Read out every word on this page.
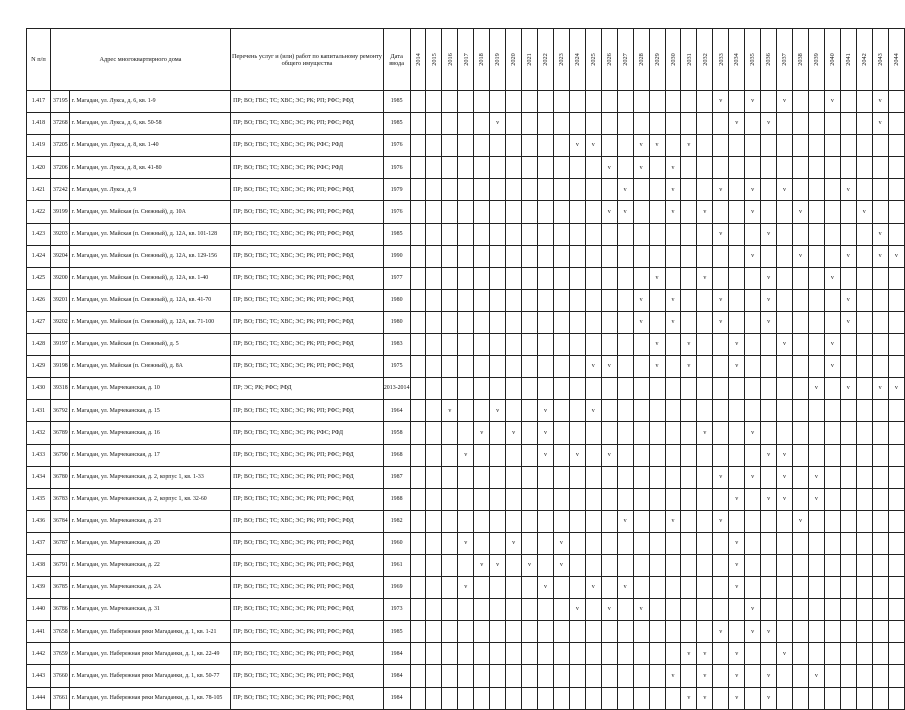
N п/п	Адрес многоквартирного дома		Перечень услуг и (или) работ по капитальному ремонту общего имущества	Дата ввода	2014	2015	2016	2017	2018	2019	2020	2021	2022	2023	2024	2025	2026	2027	2028	2029	2030	2031	2032	2033	2034	2035	2036	2037	2038	2039	2040	2041	2042	2043	2044
1.417	37195	г. Магадан, ул. Лукса, д. 6, кв. 1-9	ПР; ВО; ГВС; ТС; ХВС; ЭС; РК; РП; РФС; РФД	1985																				v		v		v			v			v	
1.418	37268	г. Магадан, ул. Лукса, д. 6, кв. 50-58	ПР; ВО; ГВС; ТС; ХВС; ЭС; РК; РП; РФС; РФД	1985						v															v		v							v	
1.419	37205	г. Магадан, ул. Лукса, д. 8, кв. 1-40	ПР; ВО; ГВС; ТС; ХВС; ЭС; РК; РФС; РФД	1976											v	v			v	v		v													
1.420	37206	г. Магадан, ул. Лукса, д. 8, кв. 41-80	ПР; ВО; ГВС; ТС; ХВС; ЭС; РК; РФС; РФД	1976													v		v		v														
1.421	37242	г. Магадан, ул. Лукса, д. 9	ПР; ВО; ГВС; ТС; ХВС; ЭС; РК; РП; РФС; РФД	1979														v			v			v		v		v				v			
1.422	39199	г. Магадан, ул. Майская (п. Снежный), д. 10А	ПР; ВО; ГВС; ТС; ХВС; ЭС; РК; РП; РФС; РФД	1976													v	v			v		v			v			v				v		
1.423	39203	г. Магадан, ул. Майская (п. Снежный), д. 12А, кв. 101-128	ПР; ВО; ГВС; ТС; ХВС; ЭС; РК; РП; РФС; РФД	1985																				v			v							v	
1.424	39204	г. Магадан, ул. Майская (п. Снежный), д. 12А, кв. 129-156	ПР; ВО; ГВС; ТС; ХВС; ЭС; РК; РП; РФС; РФД	1990																						v			v			v		v	v
1.425	39200	г. Магадан, ул. Майская (п. Снежный), д. 12А, кв. 1-40	ПР; ВО; ГВС; ТС; ХВС; ЭС; РК; РП; РФС; РФД	1977																v			v				v				v				
1.426	39201	г. Магадан, ул. Майская (п. Снежный), д. 12А, кв. 41-70	ПР; ВО; ГВС; ТС; ХВС; ЭС; РК; РП; РФС; РФД	1980															v		v			v			v					v			
1.427	39202	г. Магадан, ул. Майская (п. Снежный), д. 12А, кв. 71-100	ПР; ВО; ГВС; ТС; ХВС; ЭС; РК; РП; РФС; РФД	1980															v		v			v			v					v			
1.428	39197	г. Магадан, ул. Майская (п. Снежный), д. 5	ПР; ВО; ГВС; ТС; ХВС; ЭС; РК; РП; РФС; РФД	1983																v		v			v			v			v				
1.429	39198	г. Магадан, ул. Майская (п. Снежный), д. 8А	ПР; ВО; ГВС; ТС; ХВС; ЭС; РК; РП; РФС; РФД	1975												v	v			v		v			v						v				
1.430	39318	г. Магадан, ул. Марчеканская, д. 10	ПР; ЭС; РК; РФС; РФД	2013-2014																										v		v		v	v
1.431	36792	г. Магадан, ул. Марчеканская, д. 15	ПР; ВО; ГВС; ТС; ХВС; ЭС; РК; РП; РФС; РФД	1964			v			v			v			v																			
1.432	36789	г. Магадан, ул. Марчеканская, д. 16	ПР; ВО; ГВС; ТС; ХВС; ЭС; РК; РФС; РФД	1958					v		v		v										v			v									
1.433	36790	г. Магадан, ул. Марчеканская, д. 17	ПР; ВО; ГВС; ТС; ХВС; ЭС; РК; РП; РФС; РФД	1968				v					v		v		v										v	v							
1.434	36780	г. Магадан, ул. Марчеканская, д. 2, корпус 1, кв. 1-33	ПР; ВО; ГВС; ТС; ХВС; ЭС; РК; РП; РФС; РФД	1987																				v		v		v		v					
1.435	36783	г. Магадан, ул. Марчеканская, д. 2, корпус 1, кв. 32-60	ПР; ВО; ГВС; ТС; ХВС; ЭС; РК; РП; РФС; РФД	1988																					v		v	v		v					
1.436	36784	г. Магадан, ул. Марчеканская, д. 2/1	ПР; ВО; ГВС; ТС; ХВС; ЭС; РК; РП; РФС; РФД	1982														v			v			v					v						
1.437	36787	г. Магадан, ул. Марчеканская, д. 20	ПР; ВО; ГВС; ТС; ХВС; ЭС; РК; РП; РФС; РФД	1960				v			v			v											v										
1.438	36791	г. Магадан, ул. Марчеканская, д. 22	ПР; ВО; ГВС; ТС; ХВС; ЭС; РК; РП; РФС; РФД	1961					v	v		v		v											v										
1.439	36785	г. Магадан, ул. Марчеканская, д. 2А	ПР; ВО; ГВС; ТС; ХВС; ЭС; РК; РП; РФС; РФД	1969				v					v			v		v							v										
1.440	36786	г. Магадан, ул. Марчеканская, д. 31	ПР; ВО; ГВС; ТС; ХВС; ЭС; РК; РП; РФС; РФД	1973											v		v		v							v									
1.441	37658	г. Магадан, ул. Набережная реки Магаданки, д. 1, кв. 1-21	ПР; ВО; ГВС; ТС; ХВС; ЭС; РК; РП; РФС; РФД	1985																				v		v	v								
1.442	37659	г. Магадан, ул. Набережная реки Магаданки, д. 1, кв. 22-49	ПР; ВО; ГВС; ТС; ХВС; ЭС; РК; РП; РФС; РФД	1984																		v	v		v			v							
1.443	37660	г. Магадан, ул. Набережная реки Магаданки, д. 1, кв. 50-77	ПР; ВО; ГВС; ТС; ХВС; ЭС; РК; РП; РФС; РФД	1984																	v		v		v		v			v					
1.444	37661	г. Магадан, ул. Набережная реки Магаданки, д. 1, кв. 78-105	ПР; ВО; ГВС; ТС; ХВС; ЭС; РК; РП; РФС; РФД	1984																		v	v		v		v								
